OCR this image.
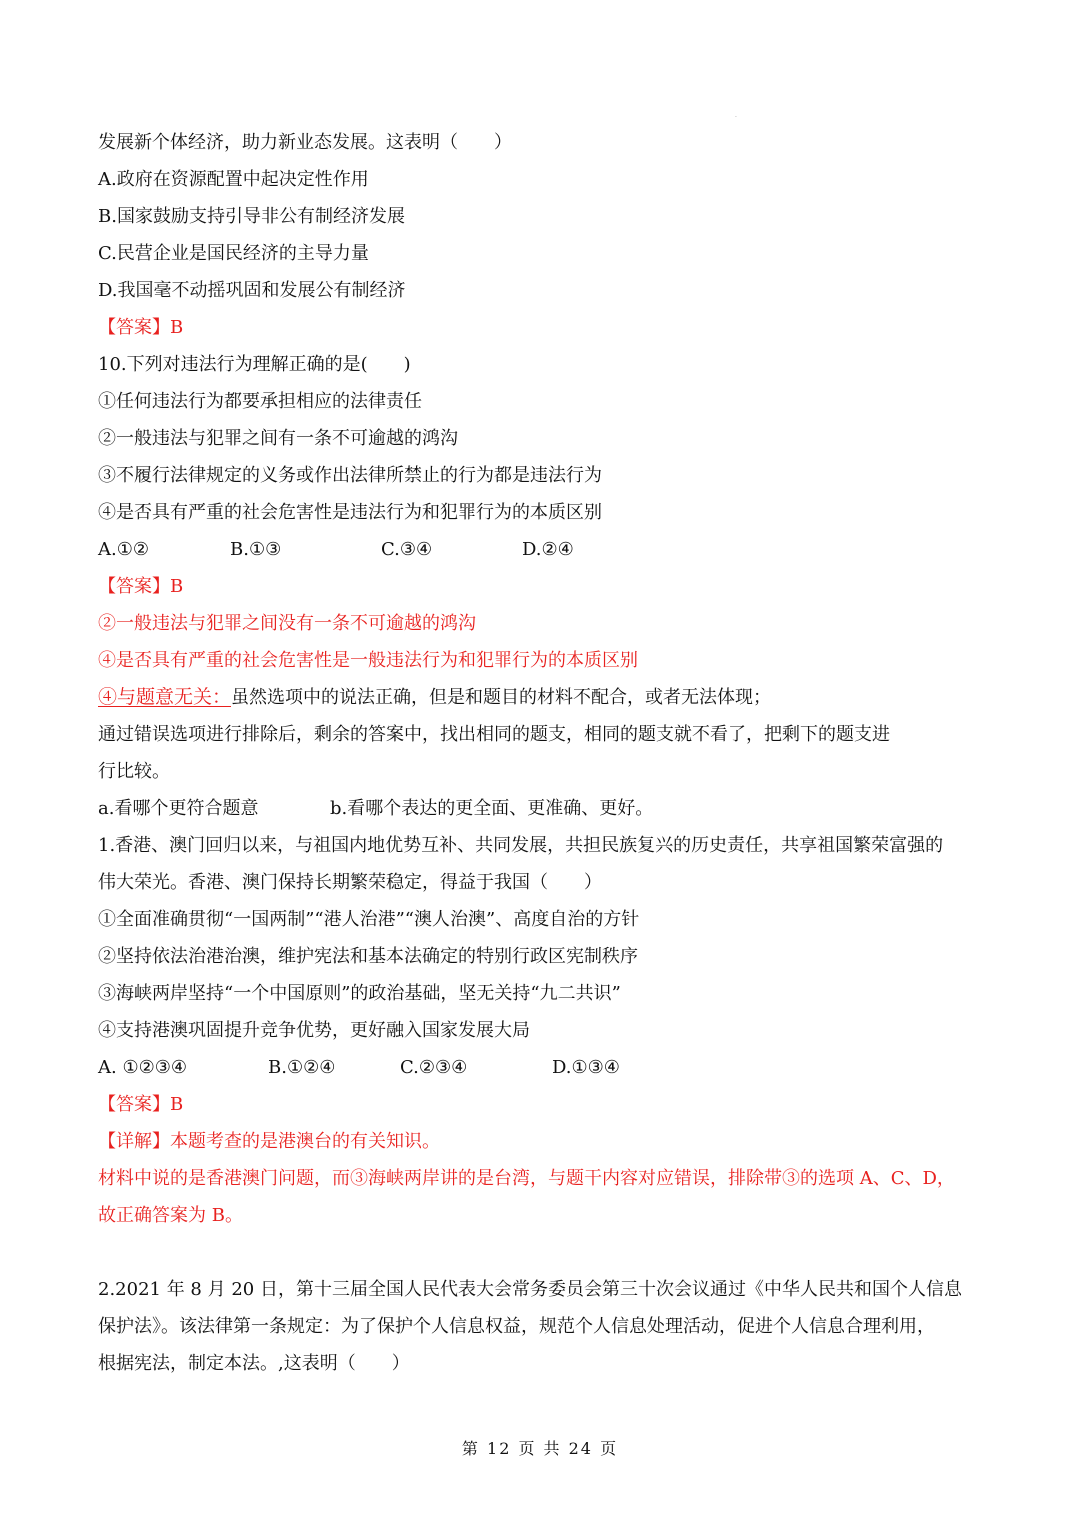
.
发展新个体经济，助力新业态发展。这表明（　　）
A.政府在资源配置中起决定性作用
B.国家鼓励支持引导非公有制经济发展
C.民营企业是国民经济的主导力量
D.我国毫不动摇巩固和发展公有制经济
【答案】B
10.下列对违法行为理解正确的是(　　)
①任何违法行为都要承担相应的法律责任
②一般违法与犯罪之间有一条不可逾越的鸿沟
③不履行法律规定的义务或作出法律所禁止的行为都是违法行为
④是否具有严重的社会危害性是违法行为和犯罪行为的本质区别
A.①②	B.①③	C.③④	D.②④
【答案】B
②一般违法与犯罪之间没有一条不可逾越的鸿沟
④是否具有严重的社会危害性是一般违法行为和犯罪行为的本质区别
④与题意无关：虽然选项中的说法正确，但是和题目的材料不配合，或者无法体现；
通过错误选项进行排除后，剩余的答案中，找出相同的题支，相同的题支就不看了，把剩下的题支进
行比较。
a.看哪个更符合题意	b.看哪个表达的更全面、更准确、更好。
1.香港、澳门回归以来，与祖国内地优势互补、共同发展，共担民族复兴的历史责任，共享祖国繁荣富强的
伟大荣光。香港、澳门保持长期繁荣稳定，得益于我国（　　）
①全面准确贯彻“一国两制”“港人治港”“澳人治澳”、高度自治的方针
②坚持依法治港治澳，维护宪法和基本法确定的特别行政区宪制秩序
③海峡两岸坚持“一个中国原则”的政治基础，坚无关持“九二共识”
④支持港澳巩固提升竞争优势，更好融入国家发展大局
A. ①②③④	B.①②④	C.②③④	D.①③④
【答案】B
【详解】本题考查的是港澳台的有关知识。
材料中说的是香港澳门问题，而③海峡两岸讲的是台湾，与题干内容对应错误，排除带③的选项 A、C、D，
故正确答案为 B。
2.2021 年 8 月 20 日，第十三届全国人民代表大会常务委员会第三十次会议通过《中华人民共和国个人信息
保护法》。该法律第一条规定：为了保护个人信息权益，规范个人信息处理活动，促进个人信息合理利用，
根据宪法，制定本法。,这表明（　　）
第 12 页 共 24 页
